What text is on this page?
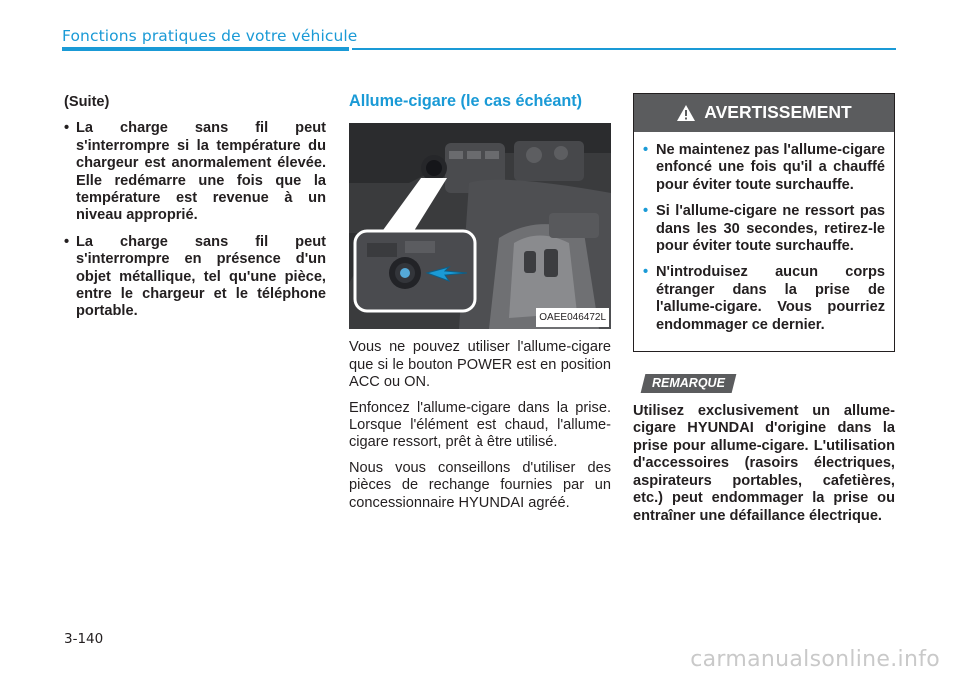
Fonctions pratiques de votre véhicule
(Suite)
• La charge sans fil peut s'interrompre si la température du chargeur est anormalement élevée. Elle redémarre une fois que la température est revenue à un niveau approprié.
• La charge sans fil peut s'interrompre en présence d'un objet métallique, tel qu'une pièce, entre le chargeur et le téléphone portable.
Allume-cigare (le cas échéant)
OAEE046472L

Vous ne pouvez utiliser l'allume-cigare que si le bouton POWER est en position ACC ou ON.

Enfoncez l'allume-cigare dans la prise. Lorsque l'élément est chaud, l'allume-cigare ressort, prêt à être utilisé.

Nous vous conseillons d'utiliser des pièces de rechange fournies par un concessionnaire HYUNDAI agréé.

AVERTISSEMENT
• Ne maintenez pas l'allume-cigare enfoncé une fois qu'il a chauffé pour éviter toute surchauffe.
• Si l'allume-cigare ne ressort pas dans les 30 secondes, retirez-le pour éviter toute surchauffe.
• N'introduisez aucun corps étranger dans la prise de l'allume-cigare. Vous pourriez endommager ce dernier.
REMARQUE
Utilisez exclusivement un allume-cigare HYUNDAI d'origine dans la prise pour allume-cigare. L'utilisation d'accessoires (rasoirs électriques, aspirateurs portables, cafetières, etc.) peut endommager la prise ou entraîner une défaillance électrique.
3-140
carmanualsonline.info
